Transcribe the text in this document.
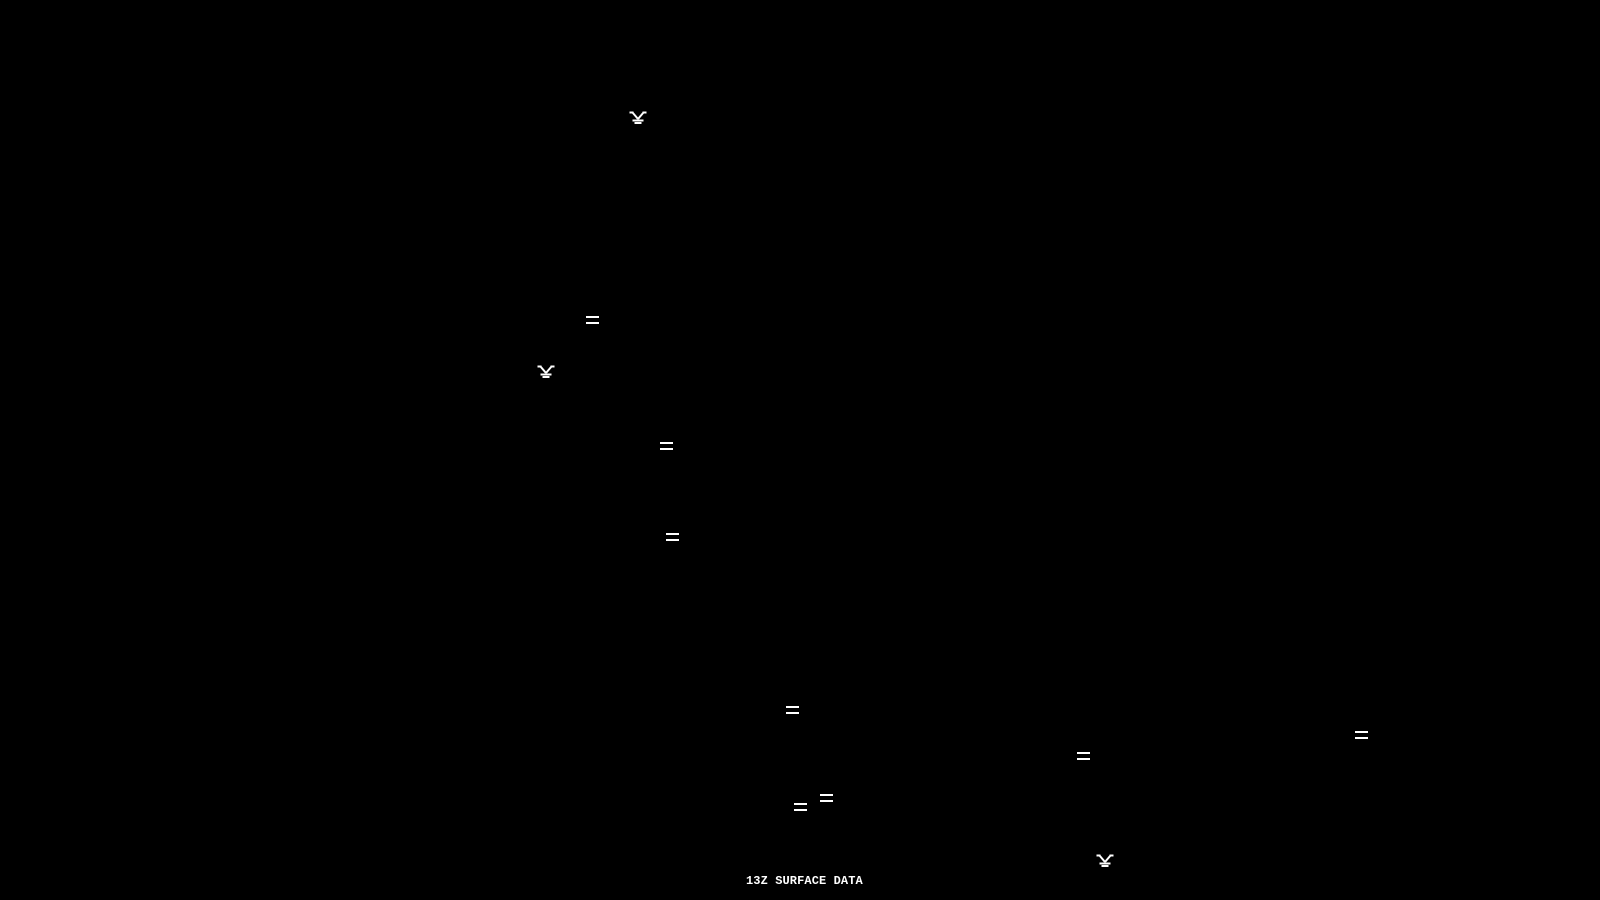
13Z SURFACE DATA
